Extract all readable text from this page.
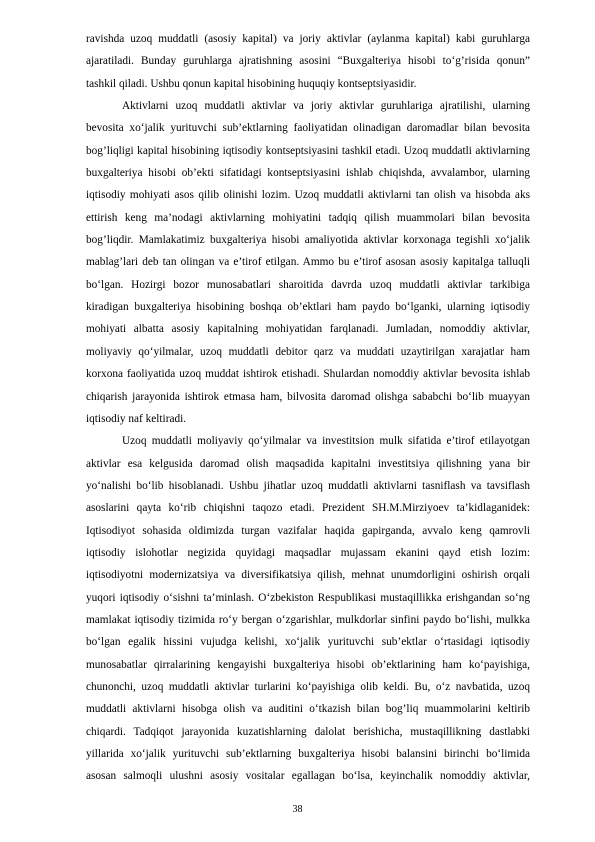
ravishda uzoq muddatli (asosiy kapital) va joriy aktivlar (aylanma kapital) kabi guruhlarga
ajaratiladi. Bunday guruhlarga ajratishning asosini “Buxgalteriya hisobi to‘g’risida qonun”
tashkil qiladi. Ushbu qonun kapital hisobining huquqiy kontseptsiyasidir.
Aktivlarni uzoq muddatli aktivlar va joriy aktivlar guruhlariga ajratilishi, ularning
bevosita xo‘jalik yurituvchi sub’ektlarning faoliyatidan olinadigan daromadlar bilan bevosita
bog’liqligi kapital hisobining iqtisodiy kontseptsiyasini tashkil etadi. Uzoq muddatli aktivlarning
buxgalteriya hisobi ob’ekti sifatidagi kontseptsiyasini ishlab chiqishda, avvalambor, ularning
iqtisodiy mohiyati asos qilib olinishi lozim. Uzoq muddatli aktivlarni tan olish va hisobda aks
ettirish keng ma’nodagi aktivlarning mohiyatini tadqiq qilish muammolari bilan bevosita
bog’liqdir. Mamlakatimiz buxgalteriya hisobi amaliyotida aktivlar korxonaga tegishli xo‘jalik
mablag’lari deb tan olingan va e’tirof etilgan. Ammo bu e’tirof asosan asosiy kapitalga talluqli
bo‘lgan. Hozirgi bozor munosabatlari sharoitida davrda uzoq muddatli aktivlar tarkibiga
kiradigan buxgalteriya hisobining boshqa ob’ektlari ham paydo bo‘lganki, ularning iqtisodiy
mohiyati albatta asosiy kapitalning mohiyatidan farqlanadi. Jumladan, nomoddiy aktivlar,
moliyaviy qo‘yilmalar, uzoq muddatli debitor qarz va muddati uzaytirilgan xarajatlar ham
korxona faoliyatida uzoq muddat ishtirok etishadi. Shulardan nomoddiy aktivlar bevosita ishlab
chiqarish jarayonida ishtirok etmasa ham, bilvosita daromad olishga sababchi bo‘lib muayyan
iqtisodiy naf keltiradi.
Uzoq muddatli moliyaviy qo‘yilmalar va investitsion mulk sifatida e’tirof etilayotgan
aktivlar esa kelgusida daromad olish maqsadida kapitalni investitsiya qilishning yana bir
yo‘nalishi bo‘lib hisoblanadi. Ushbu jihatlar uzoq muddatli aktivlarni tasniflash va tavsiflash
asoslarini qayta ko‘rib chiqishni taqozo etadi. Prezident SH.M.Mirziyoev ta’kidlaganidek:
Iqtisodiyot sohasida oldimizda turgan vazifalar haqida gapirganda, avvalo keng qamrovli
iqtisodiy islohotlar negizida quyidagi maqsadlar mujassam ekanini qayd etish lozim:
iqtisodiyotni modernizatsiya va diversifikatsiya qilish, mehnat unumdorligini oshirish orqali
yuqori iqtisodiy o‘sishni ta’minlash. O‘zbekiston Respublikasi mustaqillikka erishgandan so‘ng
mamlakat iqtisodiy tizimida ro‘y bergan o‘zgarishlar, mulkdorlar sinfini paydo bo‘lishi, mulkka
bo‘lgan egalik hissini vujudga kelishi, xo‘jalik yurituvchi sub’ektlar o‘rtasidagi iqtisodiy
munosabatlar qirralarining kengayishi buxgalteriya hisobi ob’ektlarining ham ko‘payishiga,
chunonchi, uzoq muddatli aktivlar turlarini ko‘payishiga olib keldi. Bu, o‘z navbatida, uzoq
muddatli aktivlarni hisobga olish va auditini o‘tkazish bilan bog’liq muammolarini keltirib
chiqardi. Tadqiqot jarayonida kuzatishlarning dalolat berishicha, mustaqillikning dastlabki
yillarida xo‘jalik yurituvchi sub’ektlarning buxgalteriya hisobi balansini birinchi bo‘limida
asosan salmoqli ulushni asosiy vositalar egallagan bo‘lsa, keyinchalik nomoddiy aktivlar,
38
